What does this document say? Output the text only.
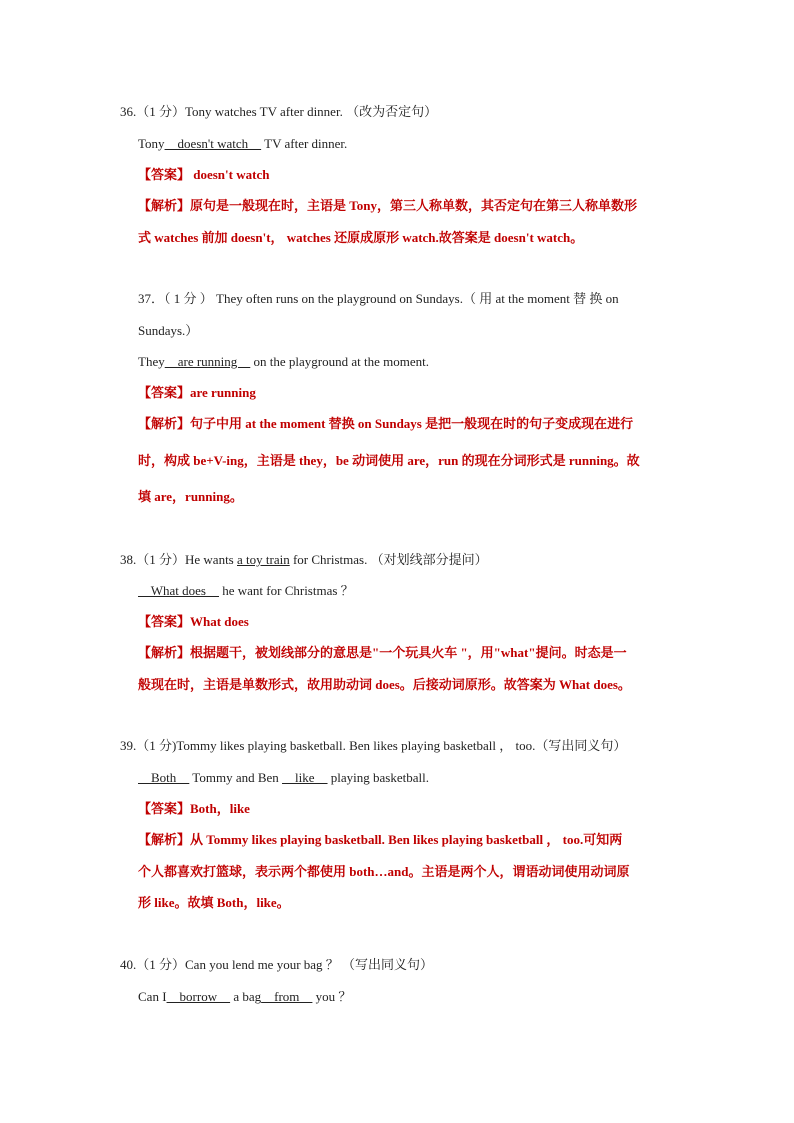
36.（1 分）Tony watches TV after dinner. （改为否定句）
Tony    doesn't watch     TV after dinner.
【答案】 doesn't watch
【解析】原句是一般现在时，主语是 Tony，第三人称单数，其否定句在第三人称单数形
式 watches 前加 doesn't， watches 还原成原形 watch.故答案是 doesn't watch。
37．（ 1 分 ） They often runs on the playground on Sundays.（ 用 at the moment 替 换 on
Sundays.）
They    are running     on the playground at the moment.
【答案】are running
【解析】句子中用 at the moment 替换 on Sundays 是把一般现在时的句子变成现在进行
时，构成 be+V-ing，主语是 they，be 动词使用 are，run 的现在分词形式是 running。故
填 are，running。
38.（1 分）He wants a toy train for Christmas. （对划线部分提问）
What does     he want for Christmas ？
【答案】What does
【解析】根据题干，被划线部分的意思是"一个玩具火车 "，用"what"提问。时态是一
般现在时，主语是单数形式，故用助动词 does。后接动词原形。故答案为 What does。
39.（1 分)Tommy likes playing basketball. Ben likes playing basketball ， too.（写出同义句）
Both     Tommy and Ben     like     playing basketball.
【答案】Both，like
【解析】从 Tommy likes playing basketball. Ben likes playing basketball ， too.可知两
个人都喜欢打篮球，表示两个都使用 both…and。主语是两个人，谓语动词使用动词原
形 like。故填 Both，like。
40.（1 分）Can you lend me your bag ？ （写出同义句）
Can I    borrow     a bag    from     you ？
